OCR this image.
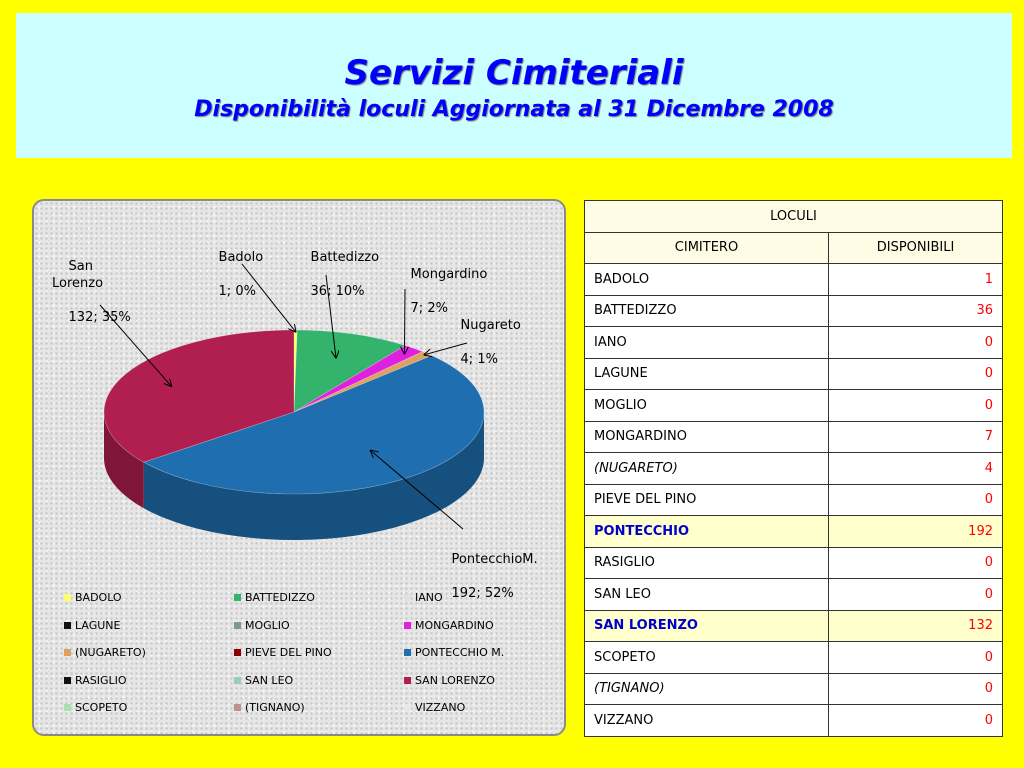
Servizi Cimiteriali
Disponibilità loculi Aggiornata al 31 Dicembre 2008

Badolo

1; 0%

Battedizzo

36; 10%

Mongardino

7; 2%

Nugareto

4; 1%

PontecchioM.

192; 52%

San
Lorenzo

132; 35%

BADOLO	BATTEDIZZO	IANO
LAGUNE	MOGLIO	MONGARDINO
(NUGARETO)	PIEVE DEL PINO	PONTECCHIO M.
RASIGLIO	SAN LEO	SAN LORENZO
SCOPETO	(TIGNANO)	VIZZANO
LOCULI	
CIMITERO	DISPONIBILI
BADOLO	1
BATTEDIZZO	36
IANO	0
LAGUNE	0
MOGLIO	0
MONGARDINO	7
(NUGARETO)	4
PIEVE DEL PINO	0
PONTECCHIO	192
RASIGLIO	0
SAN LEO	0
SAN LORENZO	132
SCOPETO	0
(TIGNANO)	0
VIZZANO	0
